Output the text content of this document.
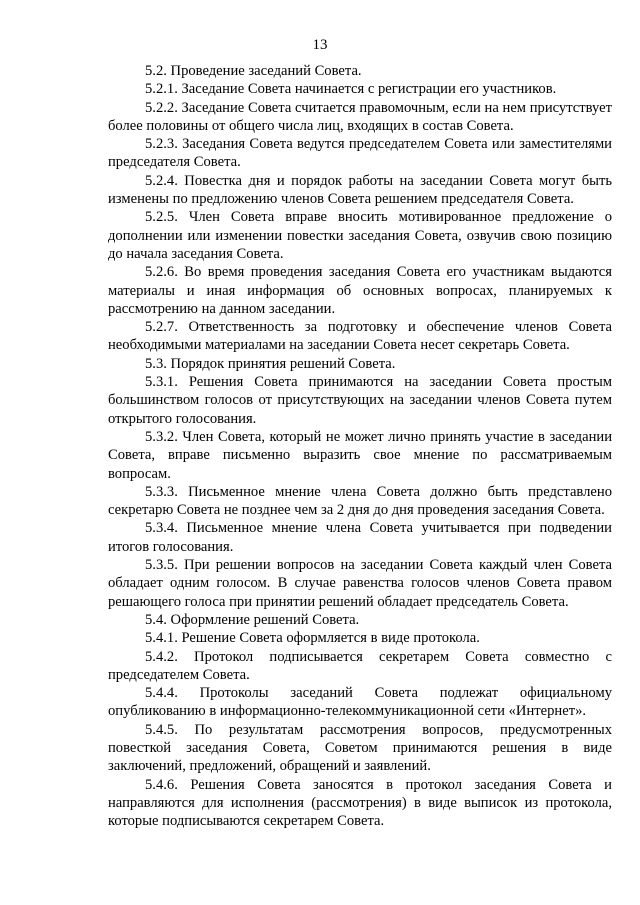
13

5.2. Проведение заседаний Совета.

5.2.1. Заседание Совета начинается с регистрации его участников.

5.2.2. Заседание Совета считается правомочным, если на нем присутствует более половины от общего числа лиц, входящих в состав Совета.

5.2.3. Заседания Совета ведутся председателем Совета или заместителями председателя Совета.

5.2.4. Повестка дня и порядок работы на заседании Совета могут быть изменены по предложению членов Совета решением председателя Совета.

5.2.5. Член Совета вправе вносить мотивированное предложение о дополнении или изменении повестки заседания Совета, озвучив свою позицию до начала заседания Совета.

5.2.6. Во время проведения заседания Совета его участникам выдаются материалы и иная информация об основных вопросах, планируемых к рассмотрению на данном заседании.

5.2.7. Ответственность за подготовку и обеспечение членов Совета необходимыми материалами на заседании Совета несет секретарь Совета.

5.3. Порядок принятия решений Совета.

5.3.1. Решения Совета принимаются на заседании Совета простым большинством голосов от присутствующих на заседании членов Совета путем открытого голосования.

5.3.2. Член Совета, который не может лично принять участие в заседании Совета, вправе письменно выразить свое мнение по рассматриваемым вопросам.

5.3.3. Письменное мнение члена Совета должно быть представлено секретарю Совета не позднее чем за 2 дня до дня проведения заседания Совета.

5.3.4. Письменное мнение члена Совета учитывается при подведении итогов голосования.

5.3.5. При решении вопросов на заседании Совета каждый член Совета обладает одним голосом. В случае равенства голосов членов Совета правом решающего голоса при принятии решений обладает председатель Совета.

5.4. Оформление решений Совета.

5.4.1. Решение Совета оформляется в виде протокола.

5.4.2. Протокол подписывается секретарем Совета совместно с председателем Совета.

5.4.4. Протоколы заседаний Совета подлежат официальному опубликованию в информационно-телекоммуникационной сети «Интернет».

5.4.5. По результатам рассмотрения вопросов, предусмотренных повесткой заседания Совета, Советом принимаются решения в виде заключений, предложений, обращений и заявлений.

5.4.6. Решения Совета заносятся в протокол заседания Совета и направляются для исполнения (рассмотрения) в виде выписок из протокола, которые подписываются секретарем Совета.
